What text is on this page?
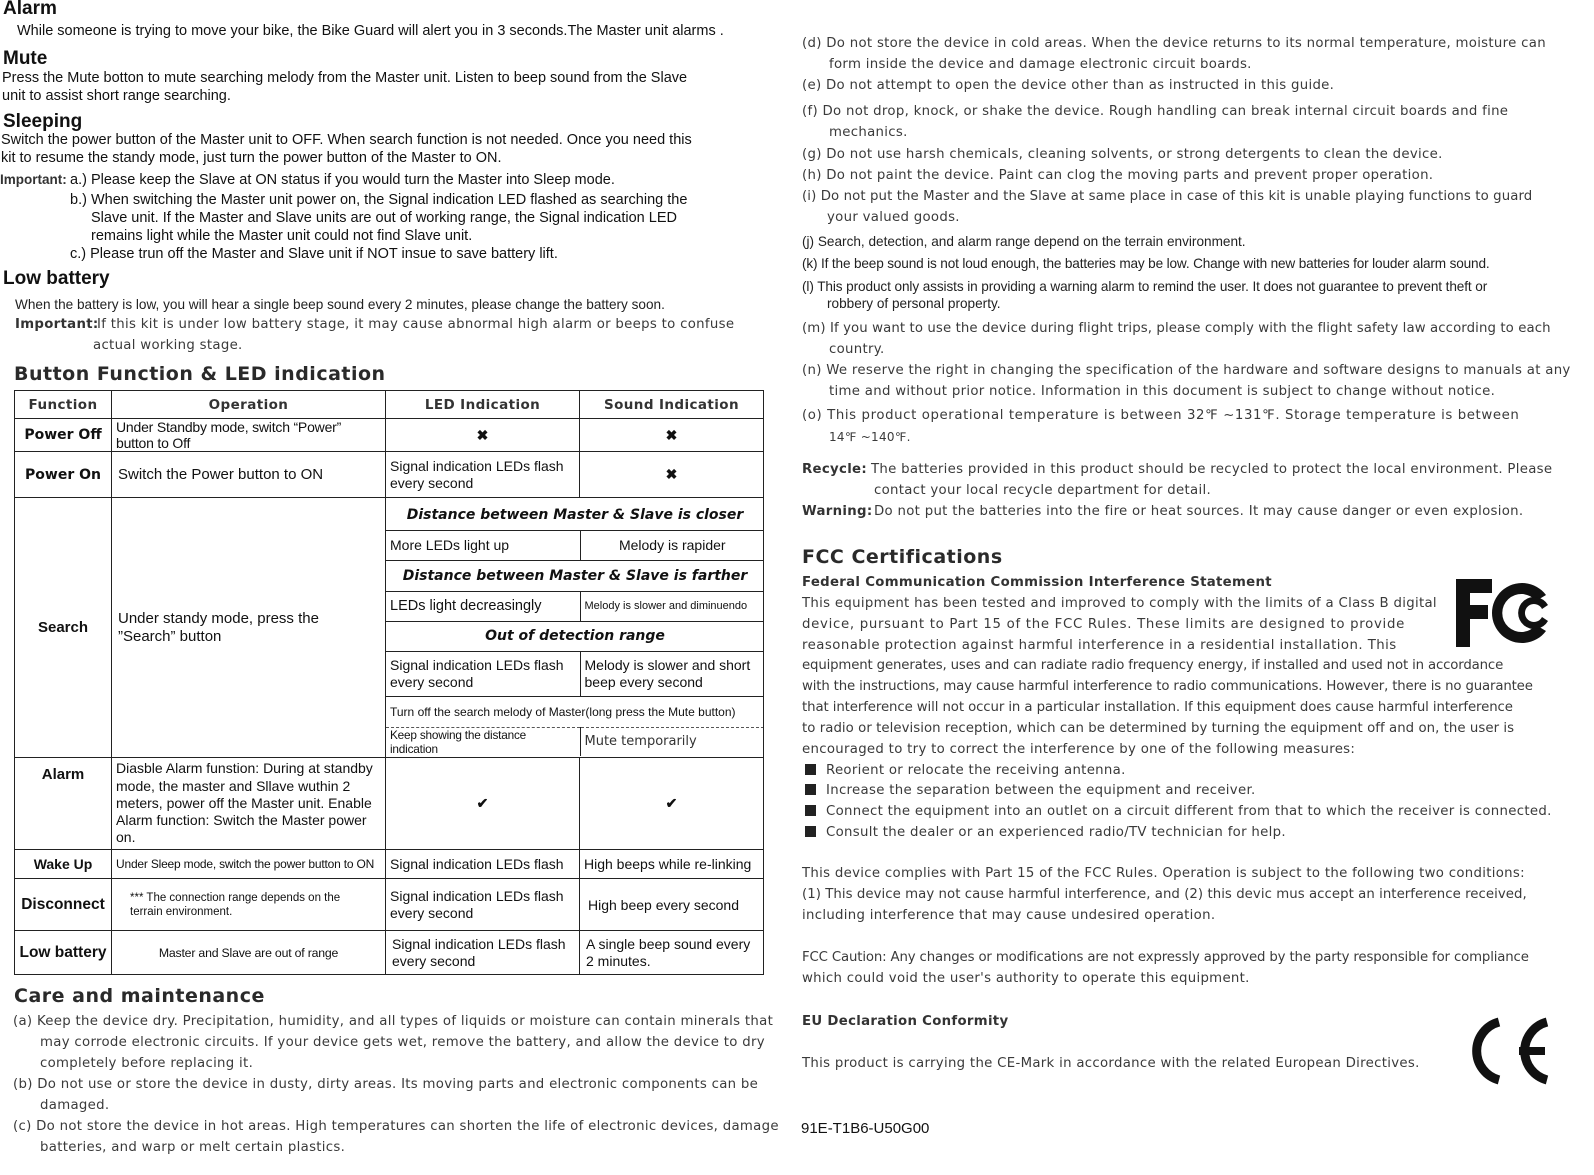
Alarm
While someone is trying to move your bike, the Bike Guard will alert you in 3 seconds.The Master unit alarms .
Mute
Press the Mute botton to mute searching melody from the Master unit. Listen to beep sound from the Slave
unit to assist short range searching.
Sleeping
Switch the power button of the Master unit to OFF. When search function is not needed. Once you need this
kit to resume the standy mode, just turn the power button of the Master to ON.
Important: a.) Please keep the Slave at ON status if you would turn the Master into Sleep mode.
b.) When switching the Master unit power on, the Signal indication LED flashed as searching the
Slave unit. If the Master and Slave units are out of working range, the Signal indication LED
remains light while the Master unit could not find Slave unit.
c.) Please trun off the Master and Slave unit if NOT insue to save battery lift.
Low battery
When the battery is low, you will hear a single beep sound every 2 minutes, please change the battery soon.
Important:
If this kit is under low battery stage, it may cause abnormal high alarm or beeps to confuse
actual working stage.
Button Function & LED indication
Function	Operation	LED Indication	Sound Indication
Power Off	Under Standby mode, switch “Power” button to Off	✖	✖
Power On	Switch the Power button to ON	Signal indication LEDs flash every second	✖
Search	Under standy mode, press the ”Search” button	
Distance between Master & Slave is closer
More LEDs light up	Melody is rapider
Distance between Master & Slave is farther
LEDs light decreasingly	Melody is slower and diminuendo
Out of detection range
Signal indication LEDs flash every second	Melody is slower and short beep every second
Turn off the search melody of Master(long press the Mute button)
Keep showing the distance indication	Mute temporarily

Alarm	Diasble Alarm funstion: During at standby mode, the master and Sllave wuthin 2 meters, power off the Master unit. Enable Alarm function: Switch the Master power on.	✔	✔
Wake Up	Under Sleep mode, switch the power button to ON	Signal indication LEDs flash	High beeps while re-linking
Disconnect	*** The connection range depends on the terrain environment.	Signal indication LEDs flash every second	High beep every second
Low battery	Master and Slave are out of range	Signal indication LEDs flash every second	A single beep sound every 2 minutes.
Care and maintenance
(a) Keep the device dry. Precipitation, humidity, and all types of liquids or moisture can contain minerals that
may corrode electronic circuits. If your device gets wet, remove the battery, and allow the device to dry
completely before replacing it.
(b) Do not use or store the device in dusty, dirty areas. Its moving parts and electronic components can be
damaged.
(c) Do not store the device in hot areas. High temperatures can shorten the life of electronic devices, damage
batteries, and warp or melt certain plastics.
(d) Do not store the device in cold areas. When the device returns to its normal temperature, moisture can
form inside the device and damage electronic circuit boards.
(e) Do not attempt to open the device other than as instructed in this guide.
(f) Do not drop, knock, or shake the device. Rough handling can break internal circuit boards and fine
mechanics.
(g) Do not use harsh chemicals, cleaning solvents, or strong detergents to clean the device.
(h) Do not paint the device. Paint can clog the moving parts and prevent proper operation.
(i) Do not put the Master and the Slave at same place in case of this kit is unable playing functions to guard
your valued goods.
(j) Search, detection, and alarm range depend on the terrain environment.
(k) If the beep sound is not loud enough, the batteries may be low. Change with new batteries for louder alarm sound.
(l) This product only assists in providing a warning alarm to remind the user. It does not guarantee to prevent theft or
robbery of personal property.
(m) If you want to use the device during flight trips, please comply with the flight safety law according to each
country.
(n) We reserve the right in changing the specification of the hardware and software designs to manuals at any
time and without prior notice. Information in this document is subject to change without notice.
(o) This product operational temperature is between 32℉ ~131℉. Storage temperature is between
14℉ ~140℉.
Recycle: The batteries provided in this product should be recycled to protect the local environment. Please
contact your local recycle department for detail.
Warning: Do not put the batteries into the fire or heat sources. It may cause danger or even explosion.
FCC Certifications
Federal Communication Commission Interference Statement
This equipment has been tested and improved to comply with the limits of a Class B digital
device, pursuant to Part 15 of the FCC Rules. These limits are designed to provide
reasonable protection against harmful interference in a residential installation. This
equipment generates, uses and can radiate radio frequency energy, if installed and used not in accordance
with the instructions, may cause harmful interference to radio communications. However, there is no guarantee
that interference will not occur in a particular installation. If this equipment does cause harmful interference
to radio or television reception, which can be determined by turning the equipment off and on, the user is
encouraged to try to correct the interference by one of the following measures:
Reorient or relocate the receiving antenna.
Increase the separation between the equipment and receiver.
Connect the equipment into an outlet on a circuit different from that to which the receiver is connected.
Consult the dealer or an experienced radio/TV technician for help.
This device complies with Part 15 of the FCC Rules. Operation is subject to the following two conditions:
(1) This device may not cause harmful interference, and (2) this devic mus accept an interference received,
including interference that may cause undesired operation.
FCC Caution: Any changes or modifications are not expressly approved by the party responsible for compliance
which could void the user's authority to operate this equipment.
EU Declaration Conformity
This product is carrying the CE-Mark in accordance with the related European Directives.
91E-T1B6-U50G00
